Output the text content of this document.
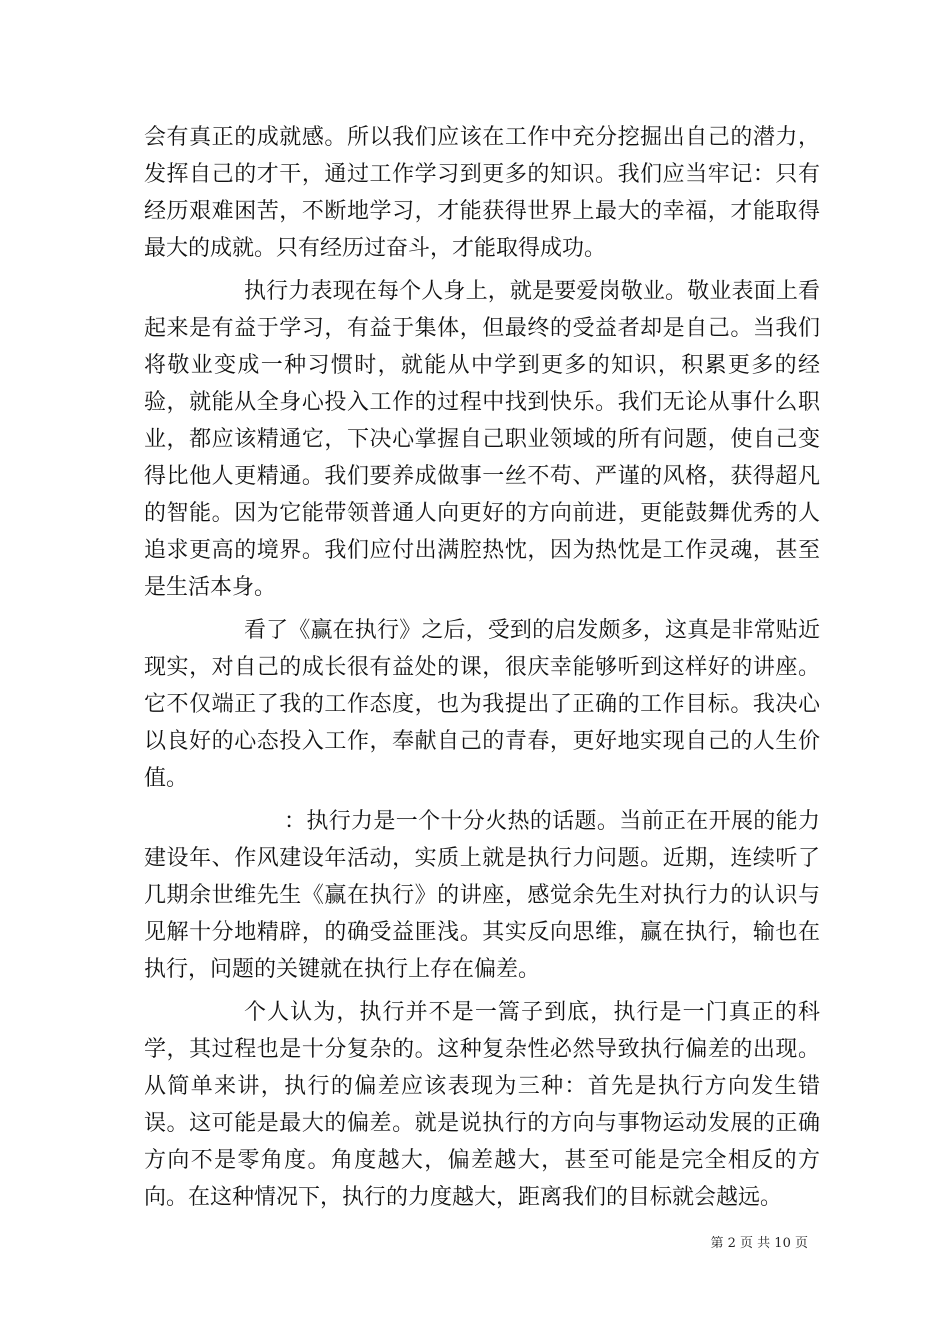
会有真正的成就感。所以我们应该在工作中充分挖掘出自己的潜力，发挥自己的才干，通过工作学习到更多的知识。我们应当牢记：只有经历艰难困苦，不断地学习，才能获得世界上最大的幸福，才能取得最大的成就。只有经历过奋斗，才能取得成功。

执行力表现在每个人身上，就是要爱岗敬业。敬业表面上看起来是有益于学习，有益于集体，但最终的受益者却是自己。当我们将敬业变成一种习惯时，就能从中学到更多的知识，积累更多的经验，就能从全身心投入工作的过程中找到快乐。我们无论从事什么职业，都应该精通它，下决心掌握自己职业领域的所有问题，使自己变得比他人更精通。我们要养成做事一丝不苟、严谨的风格，获得超凡的智能。因为它能带领普通人向更好的方向前进，更能鼓舞优秀的人追求更高的境界。我们应付出满腔热忱，因为热忱是工作灵魂，甚至是生活本身。

看了《赢在执行》之后，受到的启发颇多，这真是非常贴近现实，对自己的成长很有益处的课，很庆幸能够听到这样好的讲座。它不仅端正了我的工作态度，也为我提出了正确的工作目标。我决心以良好的心态投入工作，奉献自己的青春，更好地实现自己的人生价值。

：执行力是一个十分火热的话题。当前正在开展的能力建设年、作风建设年活动，实质上就是执行力问题。近期，连续听了几期余世维先生《赢在执行》的讲座，感觉余先生对执行力的认识与见解十分地精辟，的确受益匪浅。其实反向思维，赢在执行，输也在执行，问题的关键就在执行上存在偏差。

个人认为，执行并不是一篙子到底，执行是一门真正的科学，其过程也是十分复杂的。这种复杂性必然导致执行偏差的出现。从简单来讲，执行的偏差应该表现为三种：首先是执行方向发生错误。这可能是最大的偏差。就是说执行的方向与事物运动发展的正确方向不是零角度。角度越大，偏差越大，甚至可能是完全相反的方向。在这种情况下，执行的力度越大，距离我们的目标就会越远。

第 2 页 共 10 页
